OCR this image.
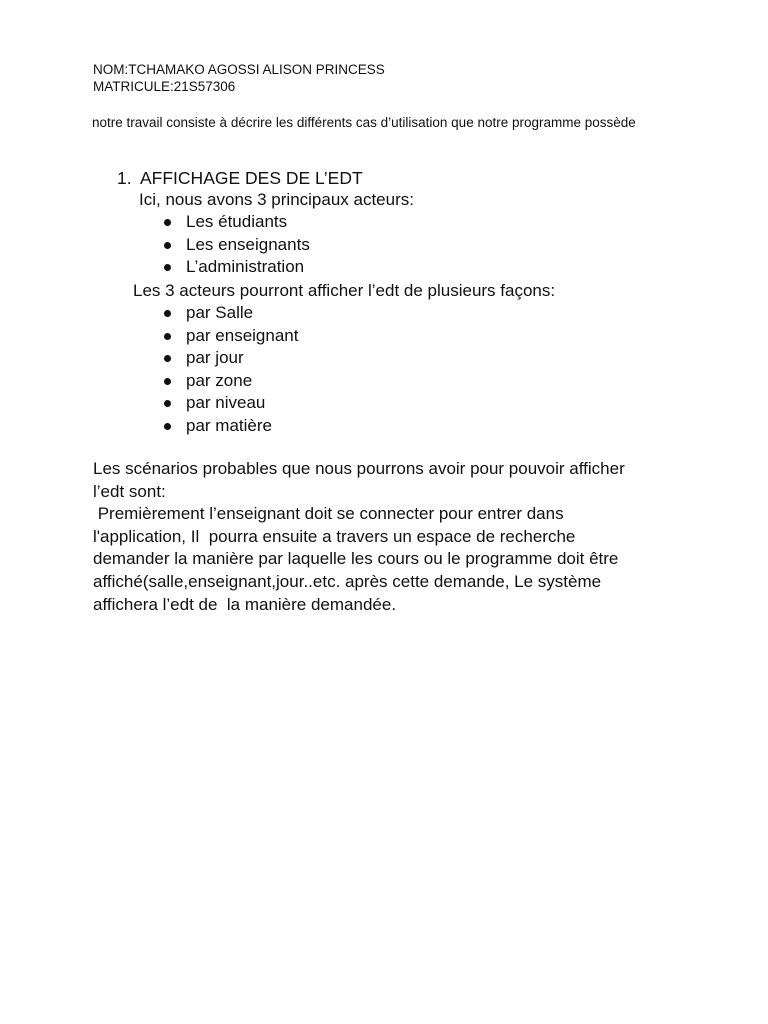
NOM:TCHAMAKO AGOSSI ALISON PRINCESS
MATRICULE:21S57306
notre travail consiste à décrire les différents cas d’utilisation que notre programme possède
1. AFFICHAGE DES DE L’EDT
Ici, nous avons 3 principaux acteurs:
Les étudiants
Les enseignants
L’administration
Les 3 acteurs pourront afficher l’edt de plusieurs façons:
par Salle
par enseignant
par jour
par zone
par niveau
par matière

Les scénarios probables que nous pourrons avoir pour pouvoir afficher

l’edt sont:

Premièrement l’enseignant doit se connecter pour entrer dans

l'application, Il  pourra ensuite a travers un espace de recherche

demander la manière par laquelle les cours ou le programme doit être

affiché(salle,enseignant,jour..etc. après cette demande, Le système

affichera l’edt de  la manière demandée.
